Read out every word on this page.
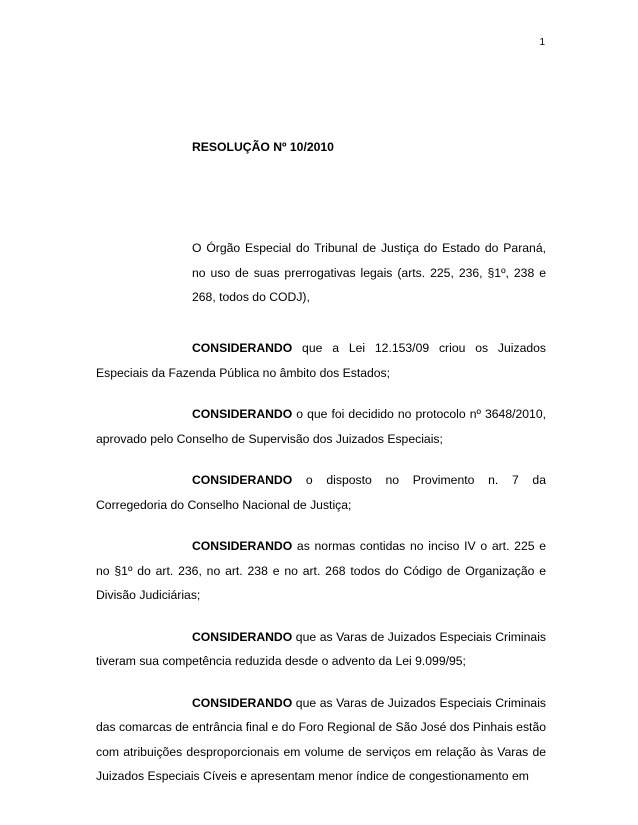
1
RESOLUÇÃO Nº 10/2010

O Órgão Especial do Tribunal de Justiça do Estado do Paraná, no uso de suas prerrogativas legais (arts. 225, 236, §1º, 238 e 268, todos do CODJ),

CONSIDERANDO que a Lei 12.153/09 criou os Juizados Especiais da Fazenda Pública no âmbito dos Estados;

CONSIDERANDO o que foi decidido no protocolo nº 3648/2010, aprovado pelo Conselho de Supervisão dos Juizados Especiais;

CONSIDERANDO o disposto no Provimento n. 7 da Corregedoria do Conselho Nacional de Justiça;

CONSIDERANDO as normas contidas no inciso IV o art. 225 e no §1º do art. 236, no art. 238 e no art. 268 todos do Código de Organização e Divisão Judiciárias;

CONSIDERANDO que as Varas de Juizados Especiais Criminais tiveram sua competência reduzida desde o advento da Lei 9.099/95;

CONSIDERANDO que as Varas de Juizados Especiais Criminais das comarcas de entrância final e do Foro Regional de São José dos Pinhais estão com atribuições desproporcionais em volume de serviços em relação às Varas de Juizados Especiais Cíveis e apresentam menor índice de congestionamento em
